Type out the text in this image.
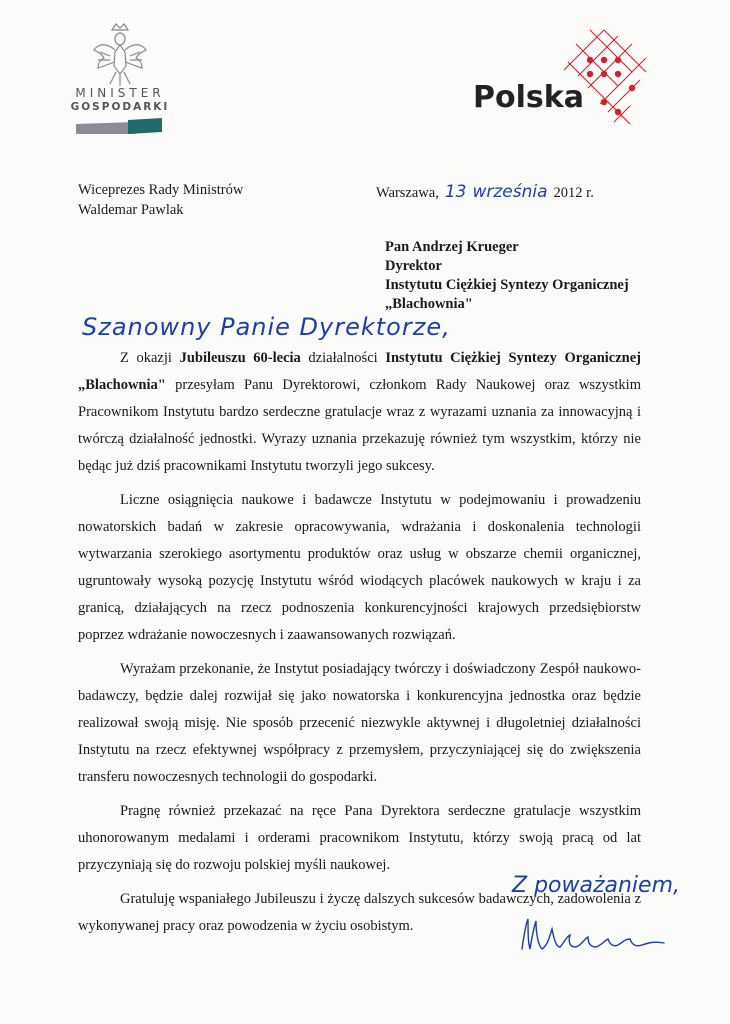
MINISTER
GOSPODARKI	Polska
Wiceprezes Rady Ministrów
Waldemar Pawlak
Warszawa, 13 września 2012 r.
Pan Andrzej Krueger
Dyrektor
Instytutu Ciężkiej Syntezy Organicznej
„Blachownia"
Szanowny Panie Dyrektorze,

Z okazji Jubileuszu 60-lecia działalności Instytutu Ciężkiej Syntezy Organicznej „Blachownia" przesyłam Panu Dyrektorowi, członkom Rady Naukowej oraz wszystkim Pracownikom Instytutu bardzo serdeczne gratulacje wraz z wyrazami uznania za innowacyjną i twórczą działalność jednostki. Wyrazy uznania przekazuję również tym wszystkim, którzy nie będąc już dziś pracownikami Instytutu tworzyli jego sukcesy.

Liczne osiągnięcia naukowe i badawcze Instytutu w podejmowaniu i prowadzeniu nowatorskich badań w zakresie opracowywania, wdrażania i doskonalenia technologii wytwarzania szerokiego asortymentu produktów oraz usług w obszarze chemii organicznej, ugruntowały wysoką pozycję Instytutu wśród wiodących placówek naukowych w kraju i za granicą, działających na rzecz podnoszenia konkurencyjności krajowych przedsiębiorstw poprzez wdrażanie nowoczesnych i zaawansowanych rozwiązań.

Wyrażam przekonanie, że Instytut posiadający twórczy i doświadczony Zespół naukowo-badawczy, będzie dalej rozwijał się jako nowatorska i konkurencyjna jednostka oraz będzie realizował swoją misję. Nie sposób przecenić niezwykle aktywnej i długoletniej działalności Instytutu na rzecz efektywnej współpracy z przemysłem, przyczyniającej się do zwiększenia transferu nowoczesnych technologii do gospodarki.

Pragnę również przekazać na ręce Pana Dyrektora serdeczne gratulacje wszystkim uhonorowanym medalami i orderami pracownikom Instytutu, którzy swoją pracą od lat przyczyniają się do rozwoju polskiej myśli naukowej.

Gratuluję wspaniałego Jubileuszu i życzę dalszych sukcesów badawczych, zadowolenia z wykonywanej pracy oraz powodzenia w życiu osobistym.

Z poważaniem,
